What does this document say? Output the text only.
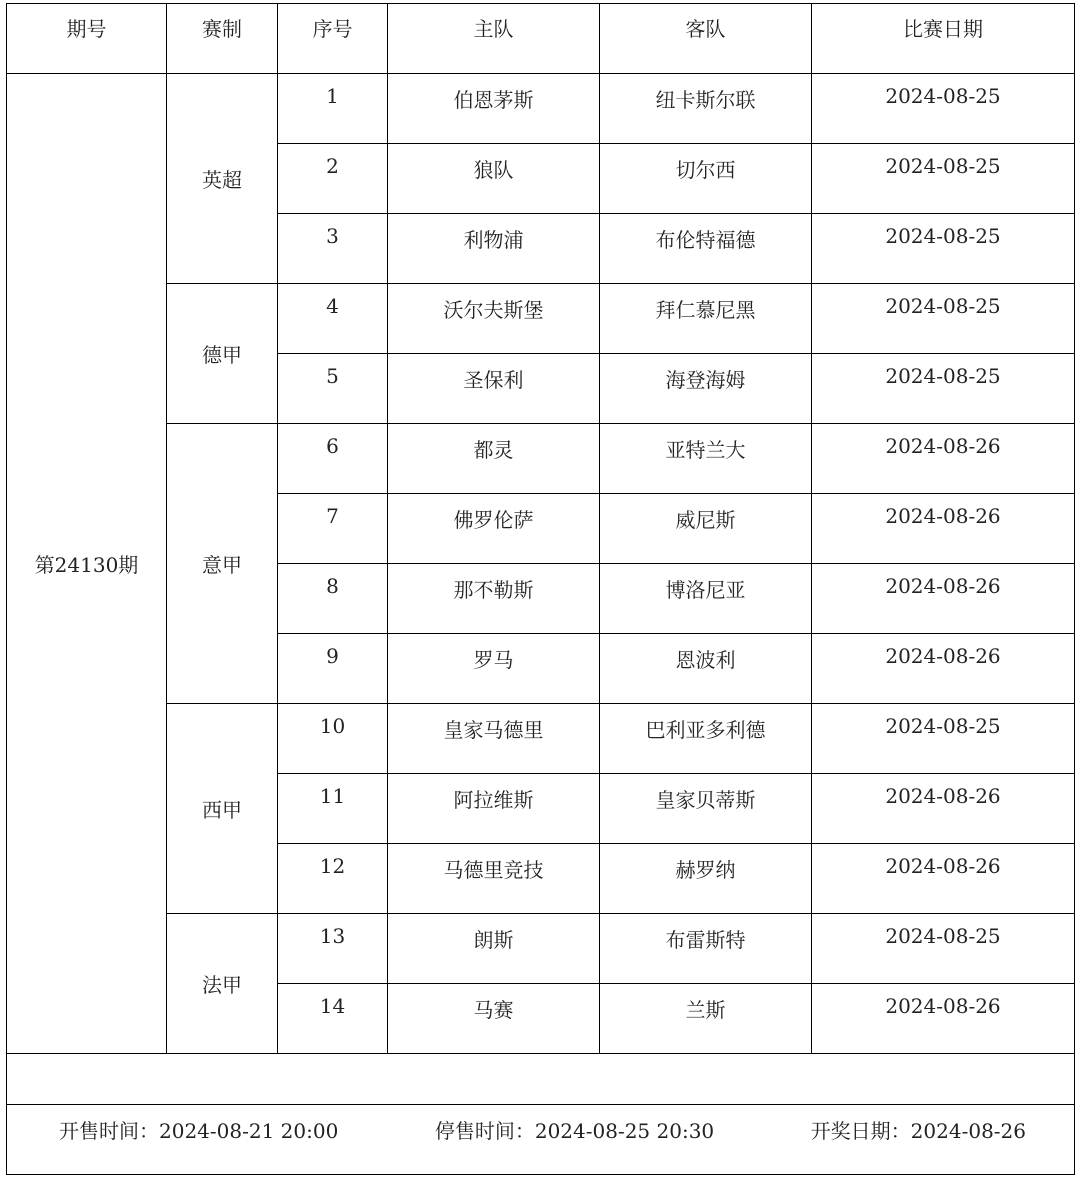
期号	赛制	序号	主队	客队	比赛日期
第24130期	英超	1	伯恩茅斯	纽卡斯尔联	2024-08-25
		2	狼队	切尔西	2024-08-25
		3	利物浦	布伦特福德	2024-08-25
	德甲	4	沃尔夫斯堡	拜仁慕尼黑	2024-08-25
		5	圣保利	海登海姆	2024-08-25
	意甲	6	都灵	亚特兰大	2024-08-26
		7	佛罗伦萨	威尼斯	2024-08-26
		8	那不勒斯	博洛尼亚	2024-08-26
		9	罗马	恩波利	2024-08-26
	西甲	10	皇家马德里	巴利亚多利德	2024-08-25
		11	阿拉维斯	皇家贝蒂斯	2024-08-26
		12	马德里竞技	赫罗纳	2024-08-26
	法甲	13	朗斯	布雷斯特	2024-08-25
		14	马赛	兰斯	2024-08-26

开售时间：2024-08-21 20:00 停售时间：2024-08-25 20:30 开奖日期：2024-08-26					
